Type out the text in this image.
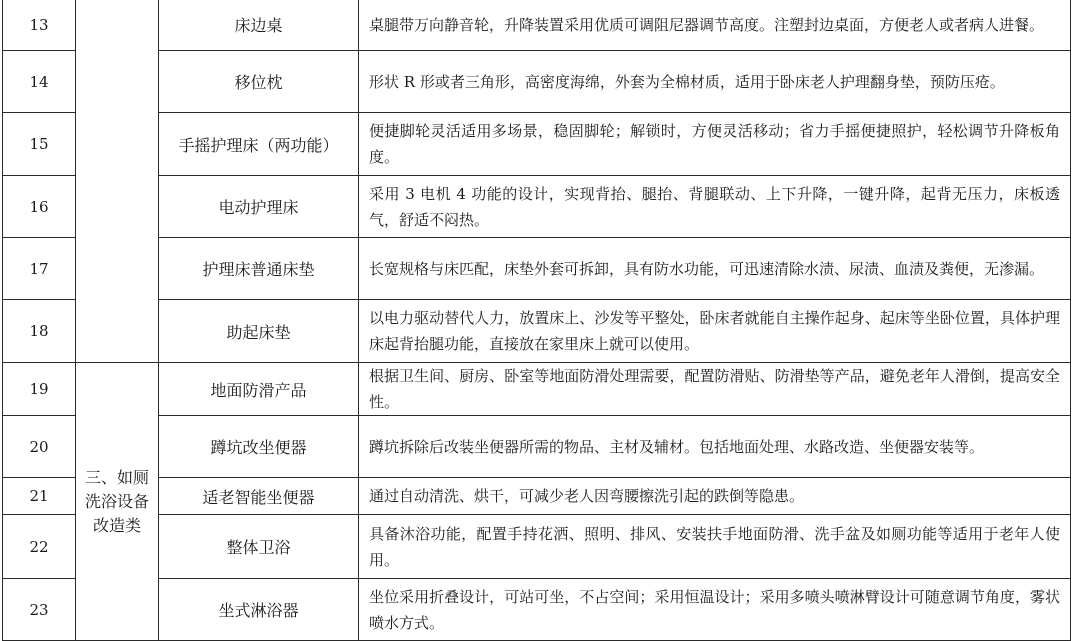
13		床边桌	桌腿带万向静音轮，升降装置采用优质可调阻尼器调节高度。注塑封边桌面，方便老人或者病人进餐。
14		移位枕	形状 R 形或者三角形，高密度海绵，外套为全棉材质，适用于卧床老人护理翻身垫，预防压疮。
15		手摇护理床（两功能）	便捷脚轮灵活适用多场景，稳固脚轮；解锁时，方便灵活移动；省力手摇便捷照护，轻松调节升降板角度。
16		电动护理床	采用 3 电机 4 功能的设计，实现背抬、腿抬、背腿联动、上下升降，一键升降，起背无压力，床板透气，舒适不闷热。
17		护理床普通床垫	长宽规格与床匹配，床垫外套可拆卸，具有防水功能，可迅速清除水渍、尿渍、血渍及粪便，无渗漏。
18		助起床垫	以电力驱动替代人力，放置床上、沙发等平整处，卧床者就能自主操作起身、起床等坐卧位置，具体护理床起背抬腿功能，直接放在家里床上就可以使用。
19	三、如厕洗浴设备改造类	地面防滑产品	根据卫生间、厨房、卧室等地面防滑处理需要，配置防滑贴、防滑垫等产品，避免老年人滑倒，提高安全性。
20		蹲坑改坐便器	蹲坑拆除后改装坐便器所需的物品、主材及辅材。包括地面处理、水路改造、坐便器安装等。
21		适老智能坐便器	通过自动清洗、烘干，可减少老人因弯腰擦洗引起的跌倒等隐患。
22		整体卫浴	具备沐浴功能，配置手持花洒、照明、排风、安装扶手地面防滑、洗手盆及如厕功能等适用于老年人使用。
23		坐式淋浴器	坐位采用折叠设计，可站可坐，不占空间；采用恒温设计；采用多喷头喷淋臂设计可随意调节角度，雾状喷水方式。
